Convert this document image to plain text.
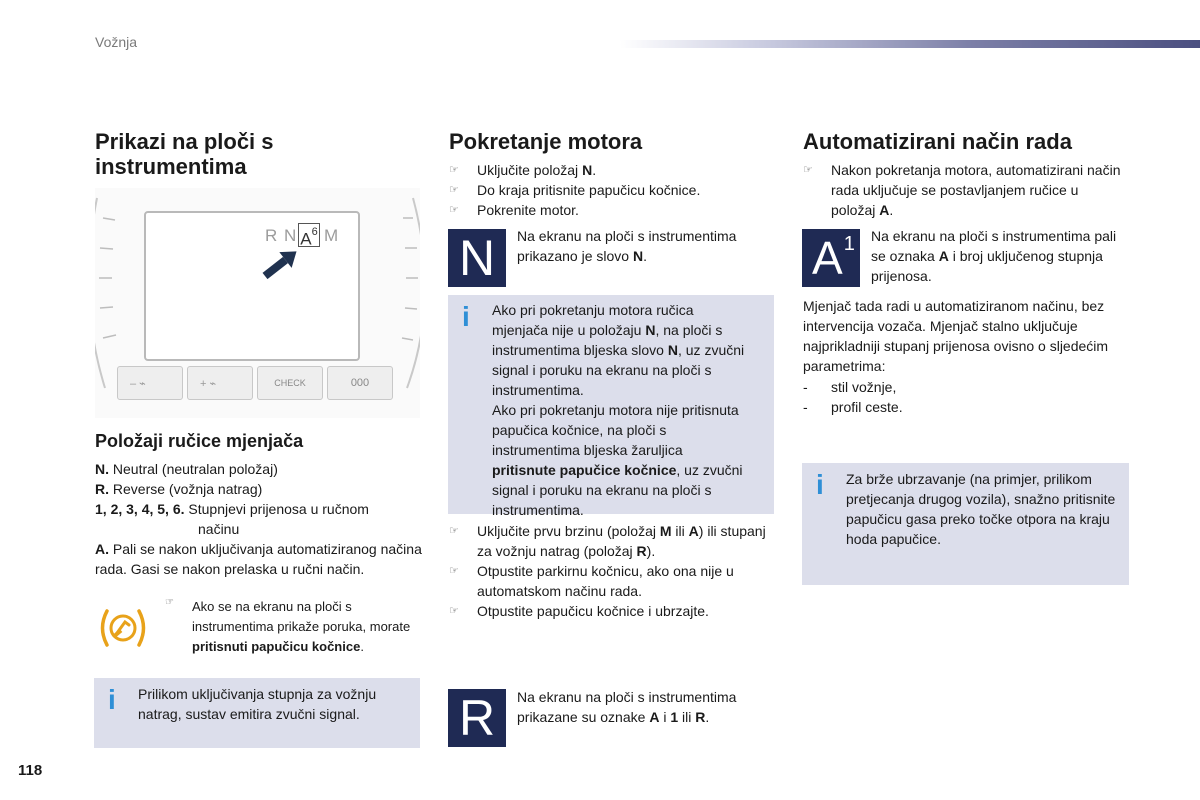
Vožnja
118
Prikazi na ploči s instrumentima
R N $A^6$ M
– ⌁	+ ⌁	CHECK	000
Položaji ručice mjenjača
N. Neutral (neutralan položaj)
R. Reverse (vožnja natrag)
1, 2, 3, 4, 5, 6. Stupnjevi prijenosa u ručnom
načinu
A. Pali se nakon uključivanja automatiziranog načina rada. Gasi se nakon prelaska u ručni način.
☞	Ako se na ekranu na ploči s instrumentima prikaže poruka, morate pritisnuti papučicu kočnice.
i Prilikom uključivanja stupnja za vožnju natrag, sustav emitira zvučni signal.
Pokretanje motora
☞ Uključite položaj N.
☞ Do kraja pritisnite papučicu kočnice.
☞ Pokrenite motor.
N	Na ekranu na ploči s instrumentima prikazano je slovo N.
i Ako pri pokretanju motora ručica mjenjača nije u položaju N, na ploči s instrumentima bljeska slovo N, uz zvučni signal i poruku na ekranu na ploči s instrumentima.
Ako pri pokretanju motora nije pritisnuta papučica kočnice, na ploči s instrumentima bljeska žaruljica pritisnute papučice kočnice, uz zvučni signal i poruku na ekranu na ploči s instrumentima.
☞ Uključite prvu brzinu (položaj M ili A) ili stupanj za vožnju natrag (položaj R).
☞ Otpustite parkirnu kočnicu, ako ona nije u automatskom načinu rada.
☞ Otpustite papučicu kočnice i ubrzajte.
R	Na ekranu na ploči s instrumentima prikazane su oznake A i 1 ili R.
Automatizirani način rada
☞ Nakon pokretanja motora, automatizirani način rada uključuje se postavljanjem ručice u položaj A.
A 1 Na ekranu na ploči s instrumentima pali se oznaka A i broj uključenog stupnja prijenosa.
Mjenjač tada radi u automatiziranom načinu, bez intervencija vozača. Mjenjač stalno uključuje najprikladniji stupanj prijenosa ovisno o sljedećim parametrima:
- stil vožnje,
- profil ceste.
i Za brže ubrzavanje (na primjer, prilikom pretjecanja drugog vozila), snažno pritisnite papučicu gasa preko točke otpora na kraju hoda papučice.
